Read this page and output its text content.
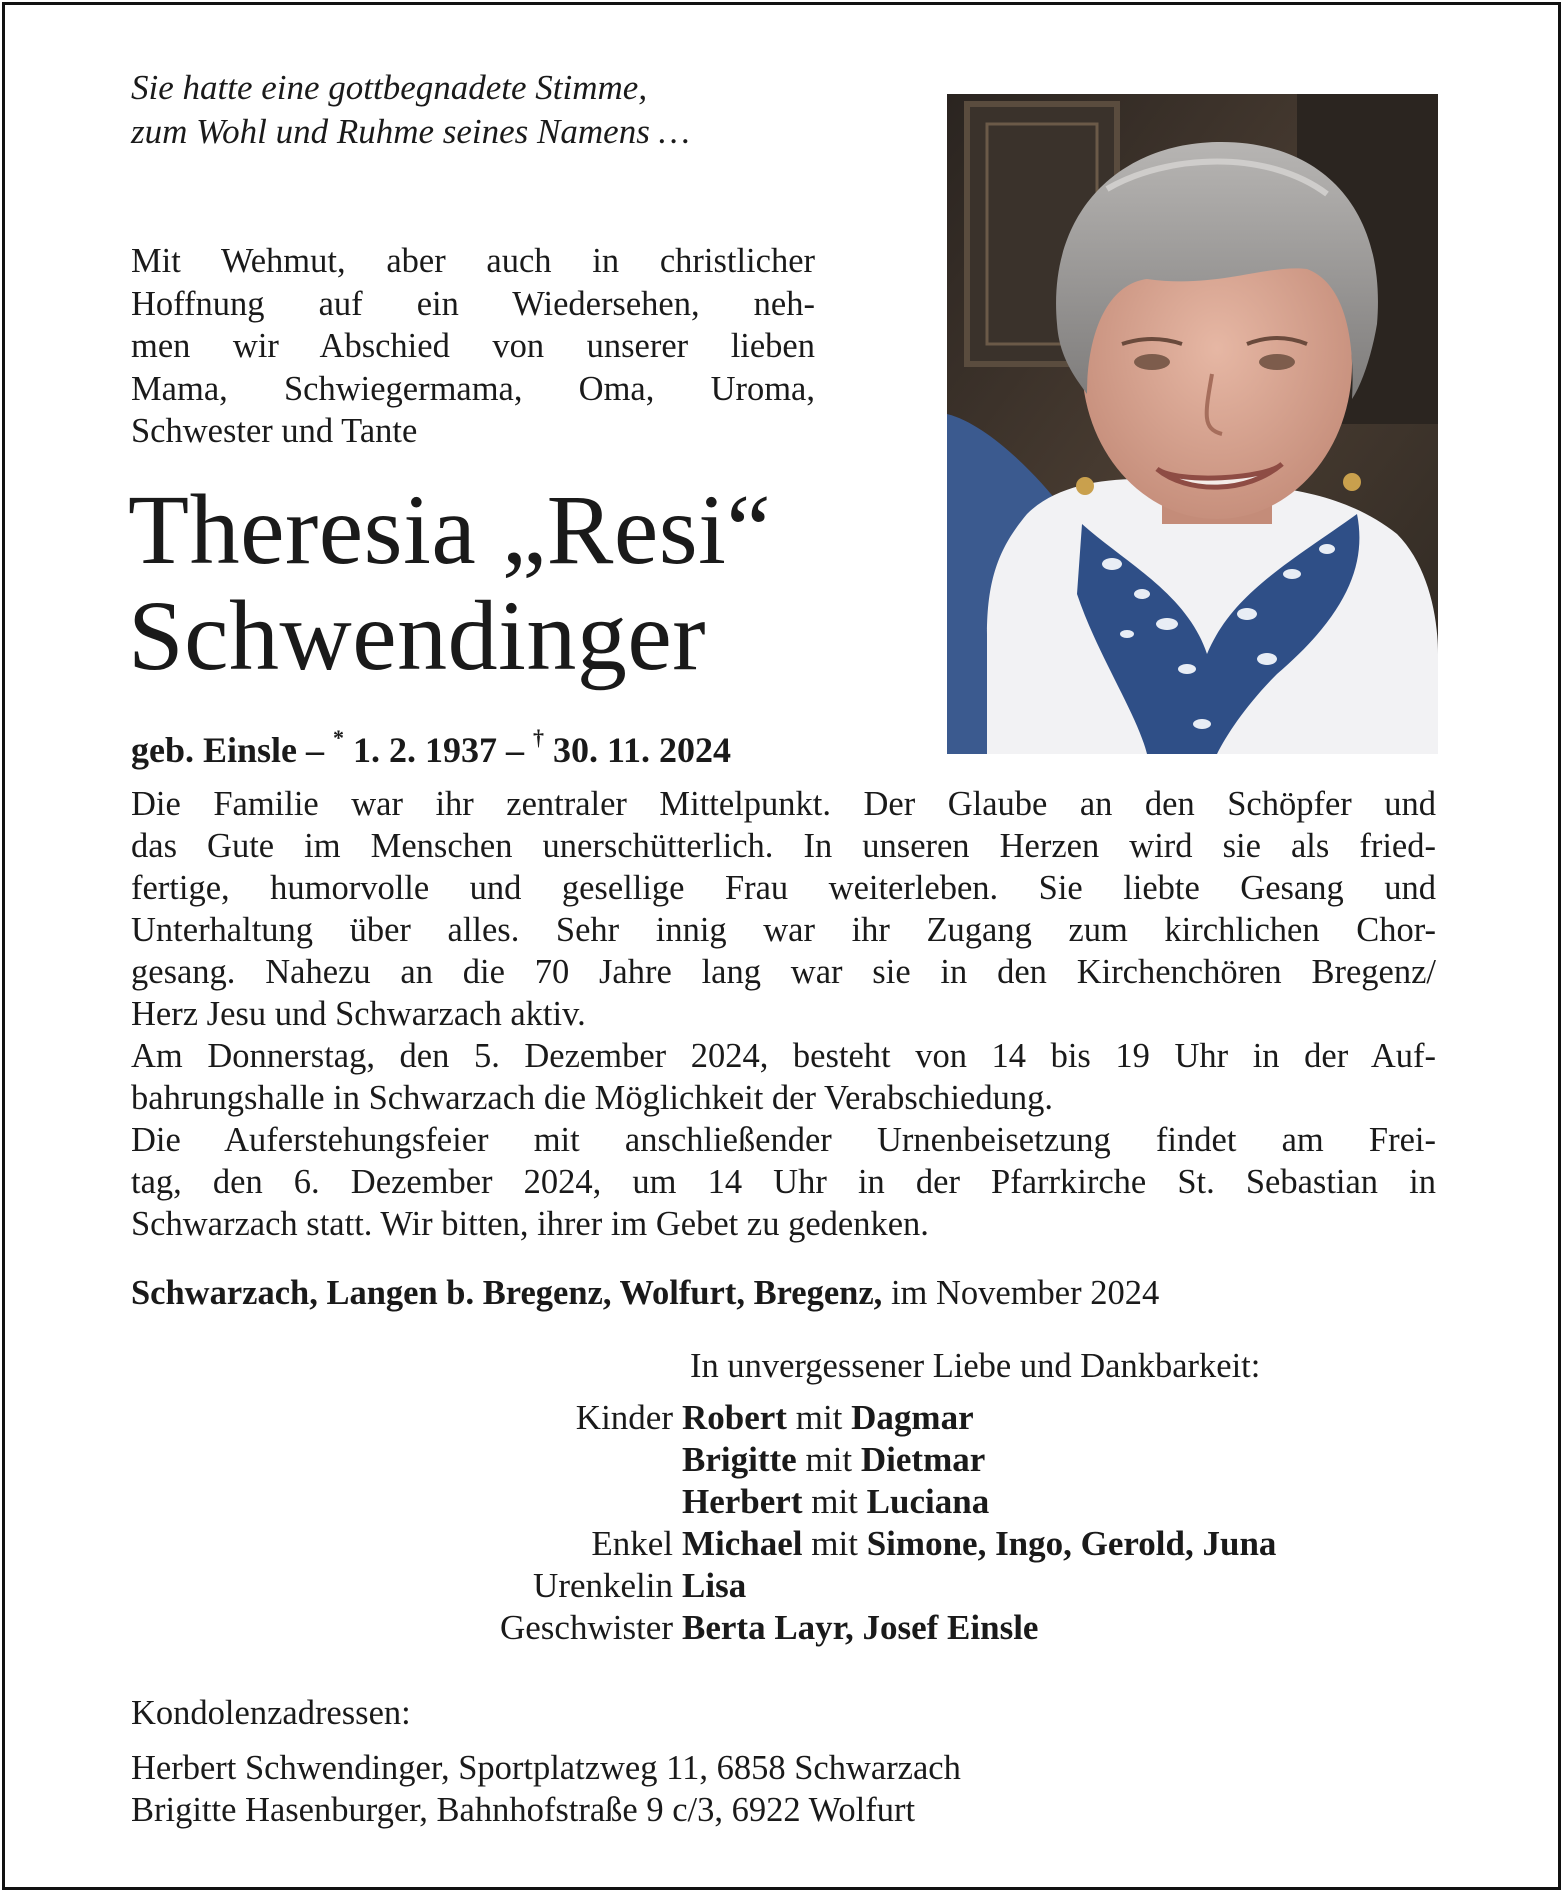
Sie hatte eine gottbegnadete Stimme,
zum Wohl und Ruhme seines Namens …
Mit Wehmut, aber auch in christlicher
Hoffnung auf ein Wiedersehen, neh-
men wir Abschied von unserer lieben
Mama, Schwiegermama, Oma, Uroma,
Schwester und Tante
Theresia „Resi“
Schwendinger
geb. Einsle – * 1. 2. 1937 – † 30. 11. 2024
Die Familie war ihr zentraler Mittelpunkt. Der Glaube an den Schöpfer und
das Gute im Menschen unerschütterlich. In unseren Herzen wird sie als fried-
fertige, humorvolle und gesellige Frau weiterleben. Sie liebte Gesang und
Unterhaltung über alles. Sehr innig war ihr Zugang zum kirchlichen Chor-
gesang. Nahezu an die 70 Jahre lang war sie in den Kirchenchören Bregenz/
Herz Jesu und Schwarzach aktiv.
Am Donnerstag, den 5. Dezember 2024, besteht von 14 bis 19 Uhr in der Auf-
bahrungshalle in Schwarzach die Möglichkeit der Verabschiedung.
Die Auferstehungsfeier mit anschließender Urnenbeisetzung findet am Frei-
tag, den 6. Dezember 2024, um 14 Uhr in der Pfarrkirche St. Sebastian in
Schwarzach statt. Wir bitten, ihrer im Gebet zu gedenken.
Schwarzach, Langen b. Bregenz, Wolfurt, Bregenz, im November 2024
In unvergessener Liebe und Dankbarkeit:
Kinder Robert mit Dagmar
Brigitte mit Dietmar
Herbert mit Luciana
Enkel Michael mit Simone, Ingo, Gerold, Juna
Urenkelin Lisa
Geschwister Berta Layr, Josef Einsle
Kondolenzadressen:
Herbert Schwendinger, Sportplatzweg 11, 6858 Schwarzach
Brigitte Hasenburger, Bahnhofstraße 9 c/3, 6922 Wolfurt
